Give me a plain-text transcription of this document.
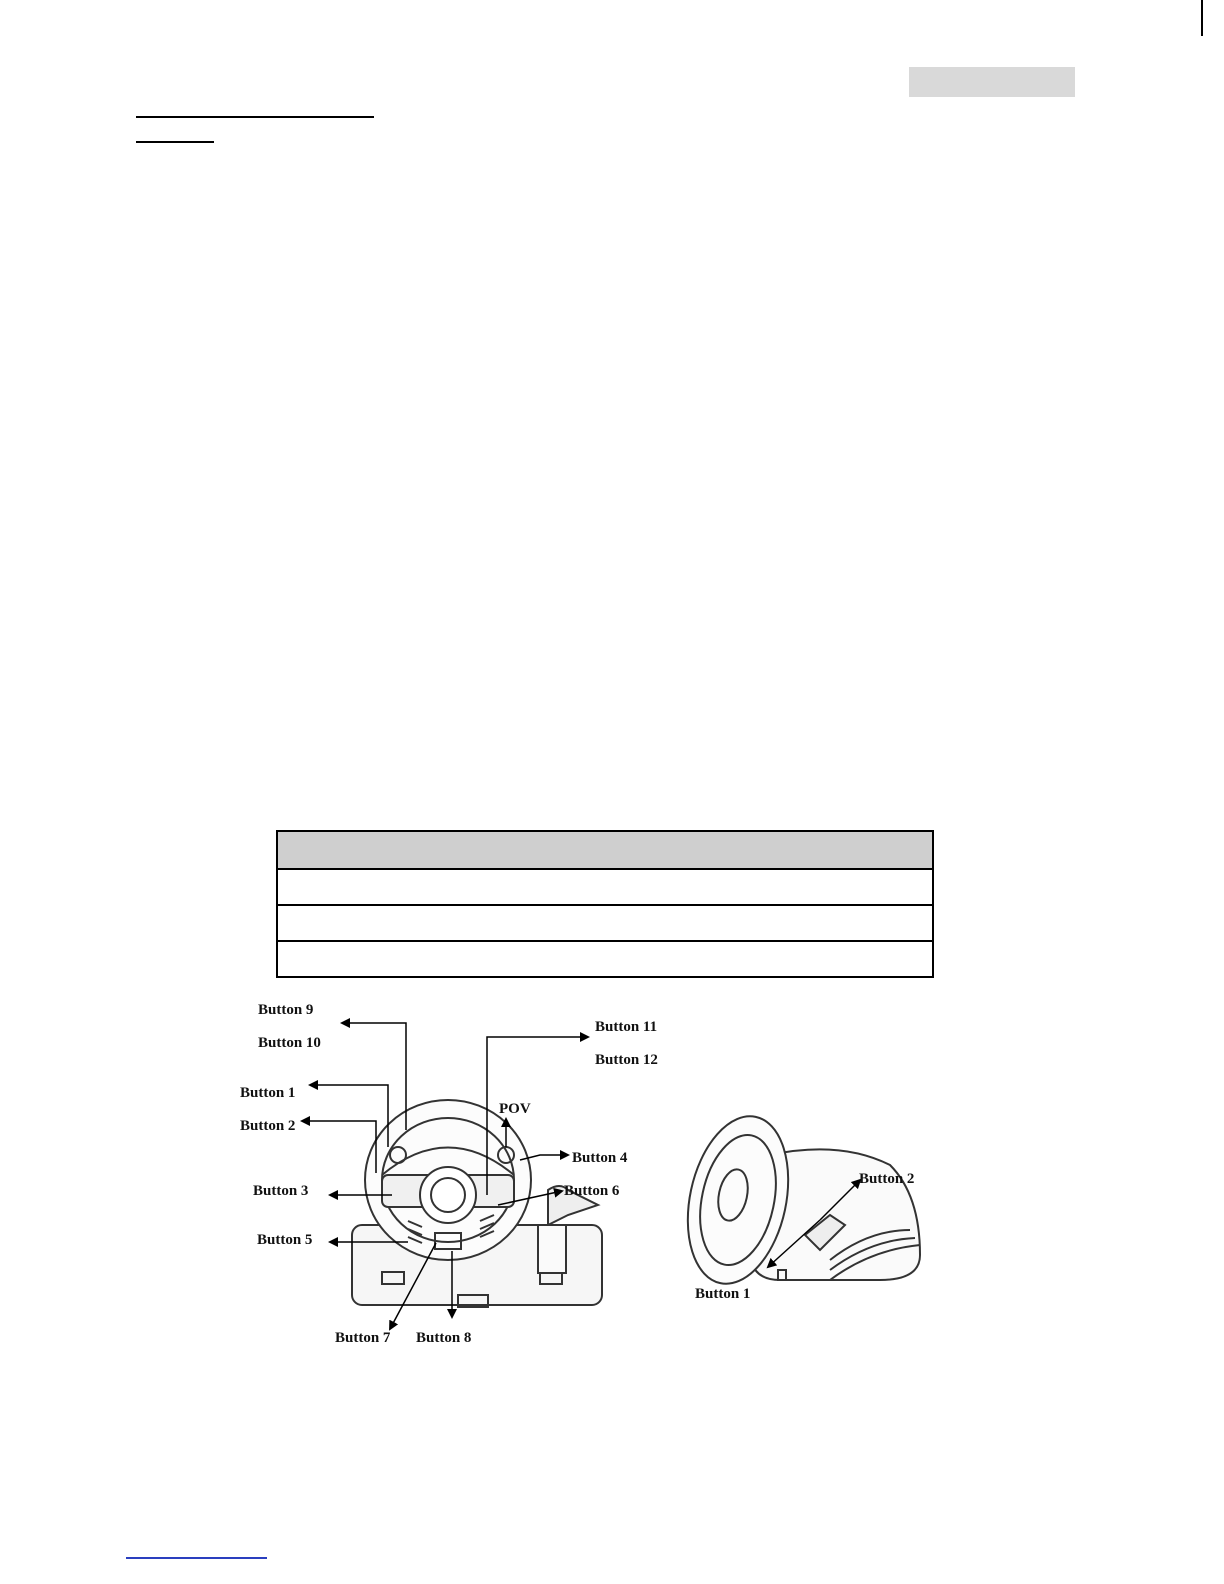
Button 9
Button 10
Button 11
Button 12
Button 1
Button 2
POV
Button 4
Button 3	Button 6
Button 5
Button 7 Button 8
Button 2
Button 1
